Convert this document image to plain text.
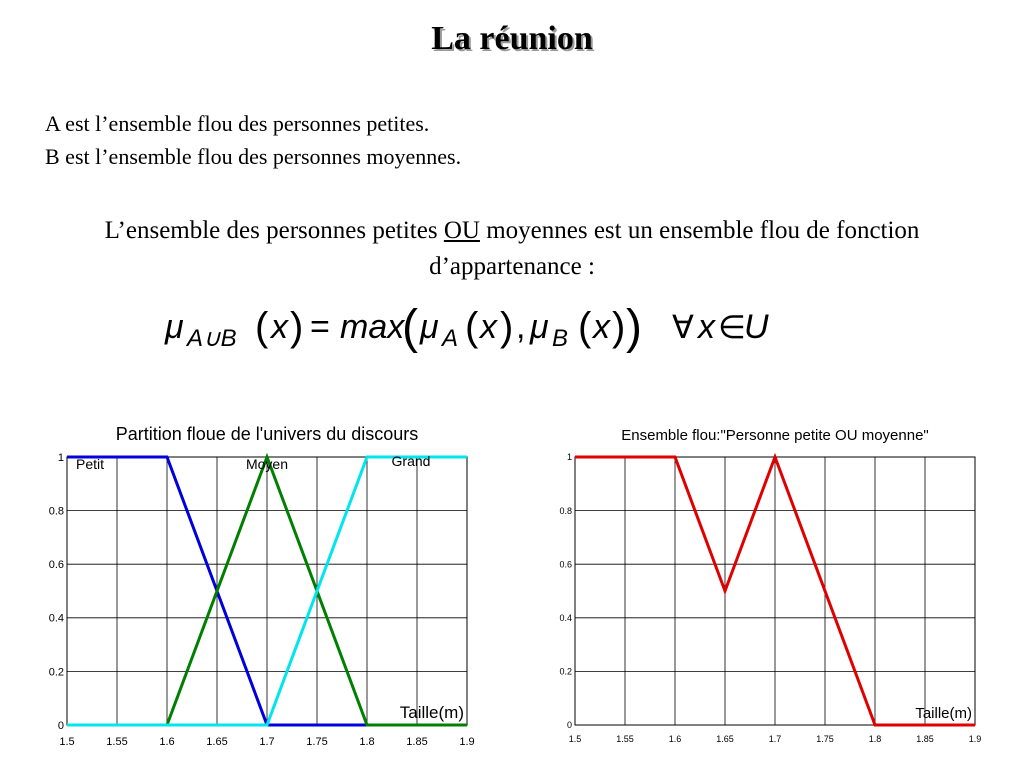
La réunion
A est l’ensemble flou des personnes petites.
B est l’ensemble flou des personnes moyennes.
L’ensemble des personnes petites OU moyennes est un ensemble flou de fonction d’appartenance :
μ A∪B ( x ) = max
( μ A ( x ) , μ B ( x ) ) ∀ x ∈
U
Partition floue de l'univers du discours
1.5	1.55	1.6	1.65	1.7	1.75	1.8	1.85	1.9
0
0.2
0.4
0.6
0.8
1 Petit	Moyen	Grand
Taille(m)
Ensemble flou:"Personne petite OU moyenne"
1.5	1.55	1.6	1.65	1.7	1.75	1.8	1.85	1.9
0
0.2
0.4
0.6
0.8
1
Taille(m)
